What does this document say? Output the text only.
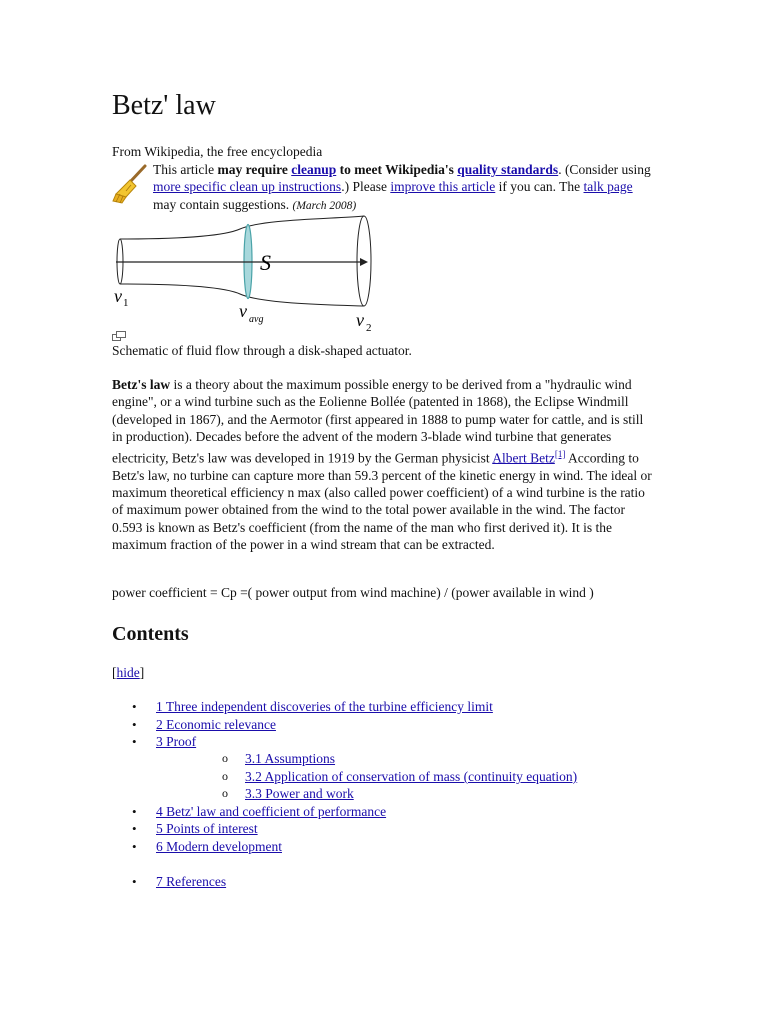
Betz' law
From Wikipedia, the free encyclopedia
This article may require cleanup to meet Wikipedia's quality standards. (Consider using more specific clean up instructions.) Please improve this article if you can. The talk page may contain suggestions. (March 2008)
S
v 1	v avg	v 2
Schematic of fluid flow through a disk-shaped actuator.

Betz's law is a theory about the maximum possible energy to be derived from a "hydraulic wind engine", or a wind turbine such as the Eolienne Bollée (patented in 1868), the Eclipse Windmill (developed in 1867), and the Aermotor (first appeared in 1888 to pump water for cattle, and is still in production). Decades before the advent of the modern 3-blade wind turbine that generates electricity, Betz's law was developed in 1919 by the German physicist Albert Betz[1] According to Betz's law, no turbine can capture more than 59.3 percent of the kinetic energy in wind. The ideal or maximum theoretical efficiency n max (also called power coefficient) of a wind turbine is the ratio of maximum power obtained from the wind to the total power available in the wind. The factor 0.593 is known as Betz's coefficient (from the name of the man who first derived it). It is the maximum fraction of the power in a wind stream that can be extracted.

power coefficient = Cp =( power output from wind machine) / (power available in wind )
Contents
[hide]
• 1 Three independent discoveries of the turbine efficiency limit
• 2 Economic relevance
• 3 Proof
o 3.1 Assumptions
o 3.2 Application of conservation of mass (continuity equation)
o 3.3 Power and work
• 4 Betz' law and coefficient of performance
• 5 Points of interest
• 6 Modern development
• 7 References
